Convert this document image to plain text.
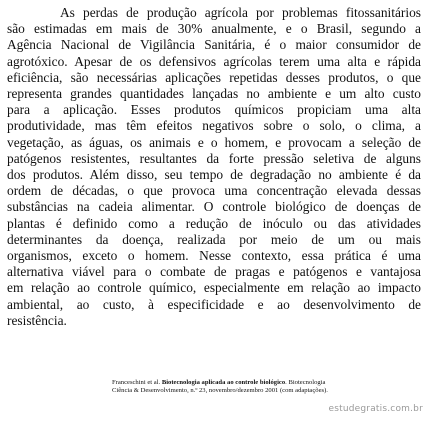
As perdas de produção agrícola por problemas fitossanitários
são estimadas em mais de 30% anualmente, e o Brasil, segundo a
Agência Nacional de Vigilância Sanitária, é o maior consumidor de
agrotóxico. Apesar de os defensivos agrícolas terem uma alta e rápida
eficiência, são necessárias aplicações repetidas desses produtos, o que
representa grandes quantidades lançadas no ambiente e um alto custo
para a aplicação. Esses produtos químicos propiciam uma alta
produtividade, mas têm efeitos negativos sobre o solo, o clima, a
vegetação, as águas, os animais e o homem, e provocam a seleção de
patógenos resistentes, resultantes da forte pressão seletiva de alguns
dos produtos. Além disso, seu tempo de degradação no ambiente é da
ordem de décadas, o que provoca uma concentração elevada dessas
substâncias na cadeia alimentar. O controle biológico de doenças de
plantas é definido como a redução de inóculo ou das atividades
determinantes da doença, realizada por meio de um ou mais
organismos, exceto o homem. Nesse contexto, essa prática é uma
alternativa viável para o combate de pragas e patógenos e vantajosa
em relação ao controle químico, especialmente em relação ao impacto
ambiental, ao custo, à especificidade e ao desenvolvimento de
resistência.
Franceschini et al. Biotecnologia aplicada ao controle biológico. Biotecnologia
Ciência & Desenvolvimento, n.º 23, novembro/dezembro 2001 (com adaptações).
estudegratis.com.br
